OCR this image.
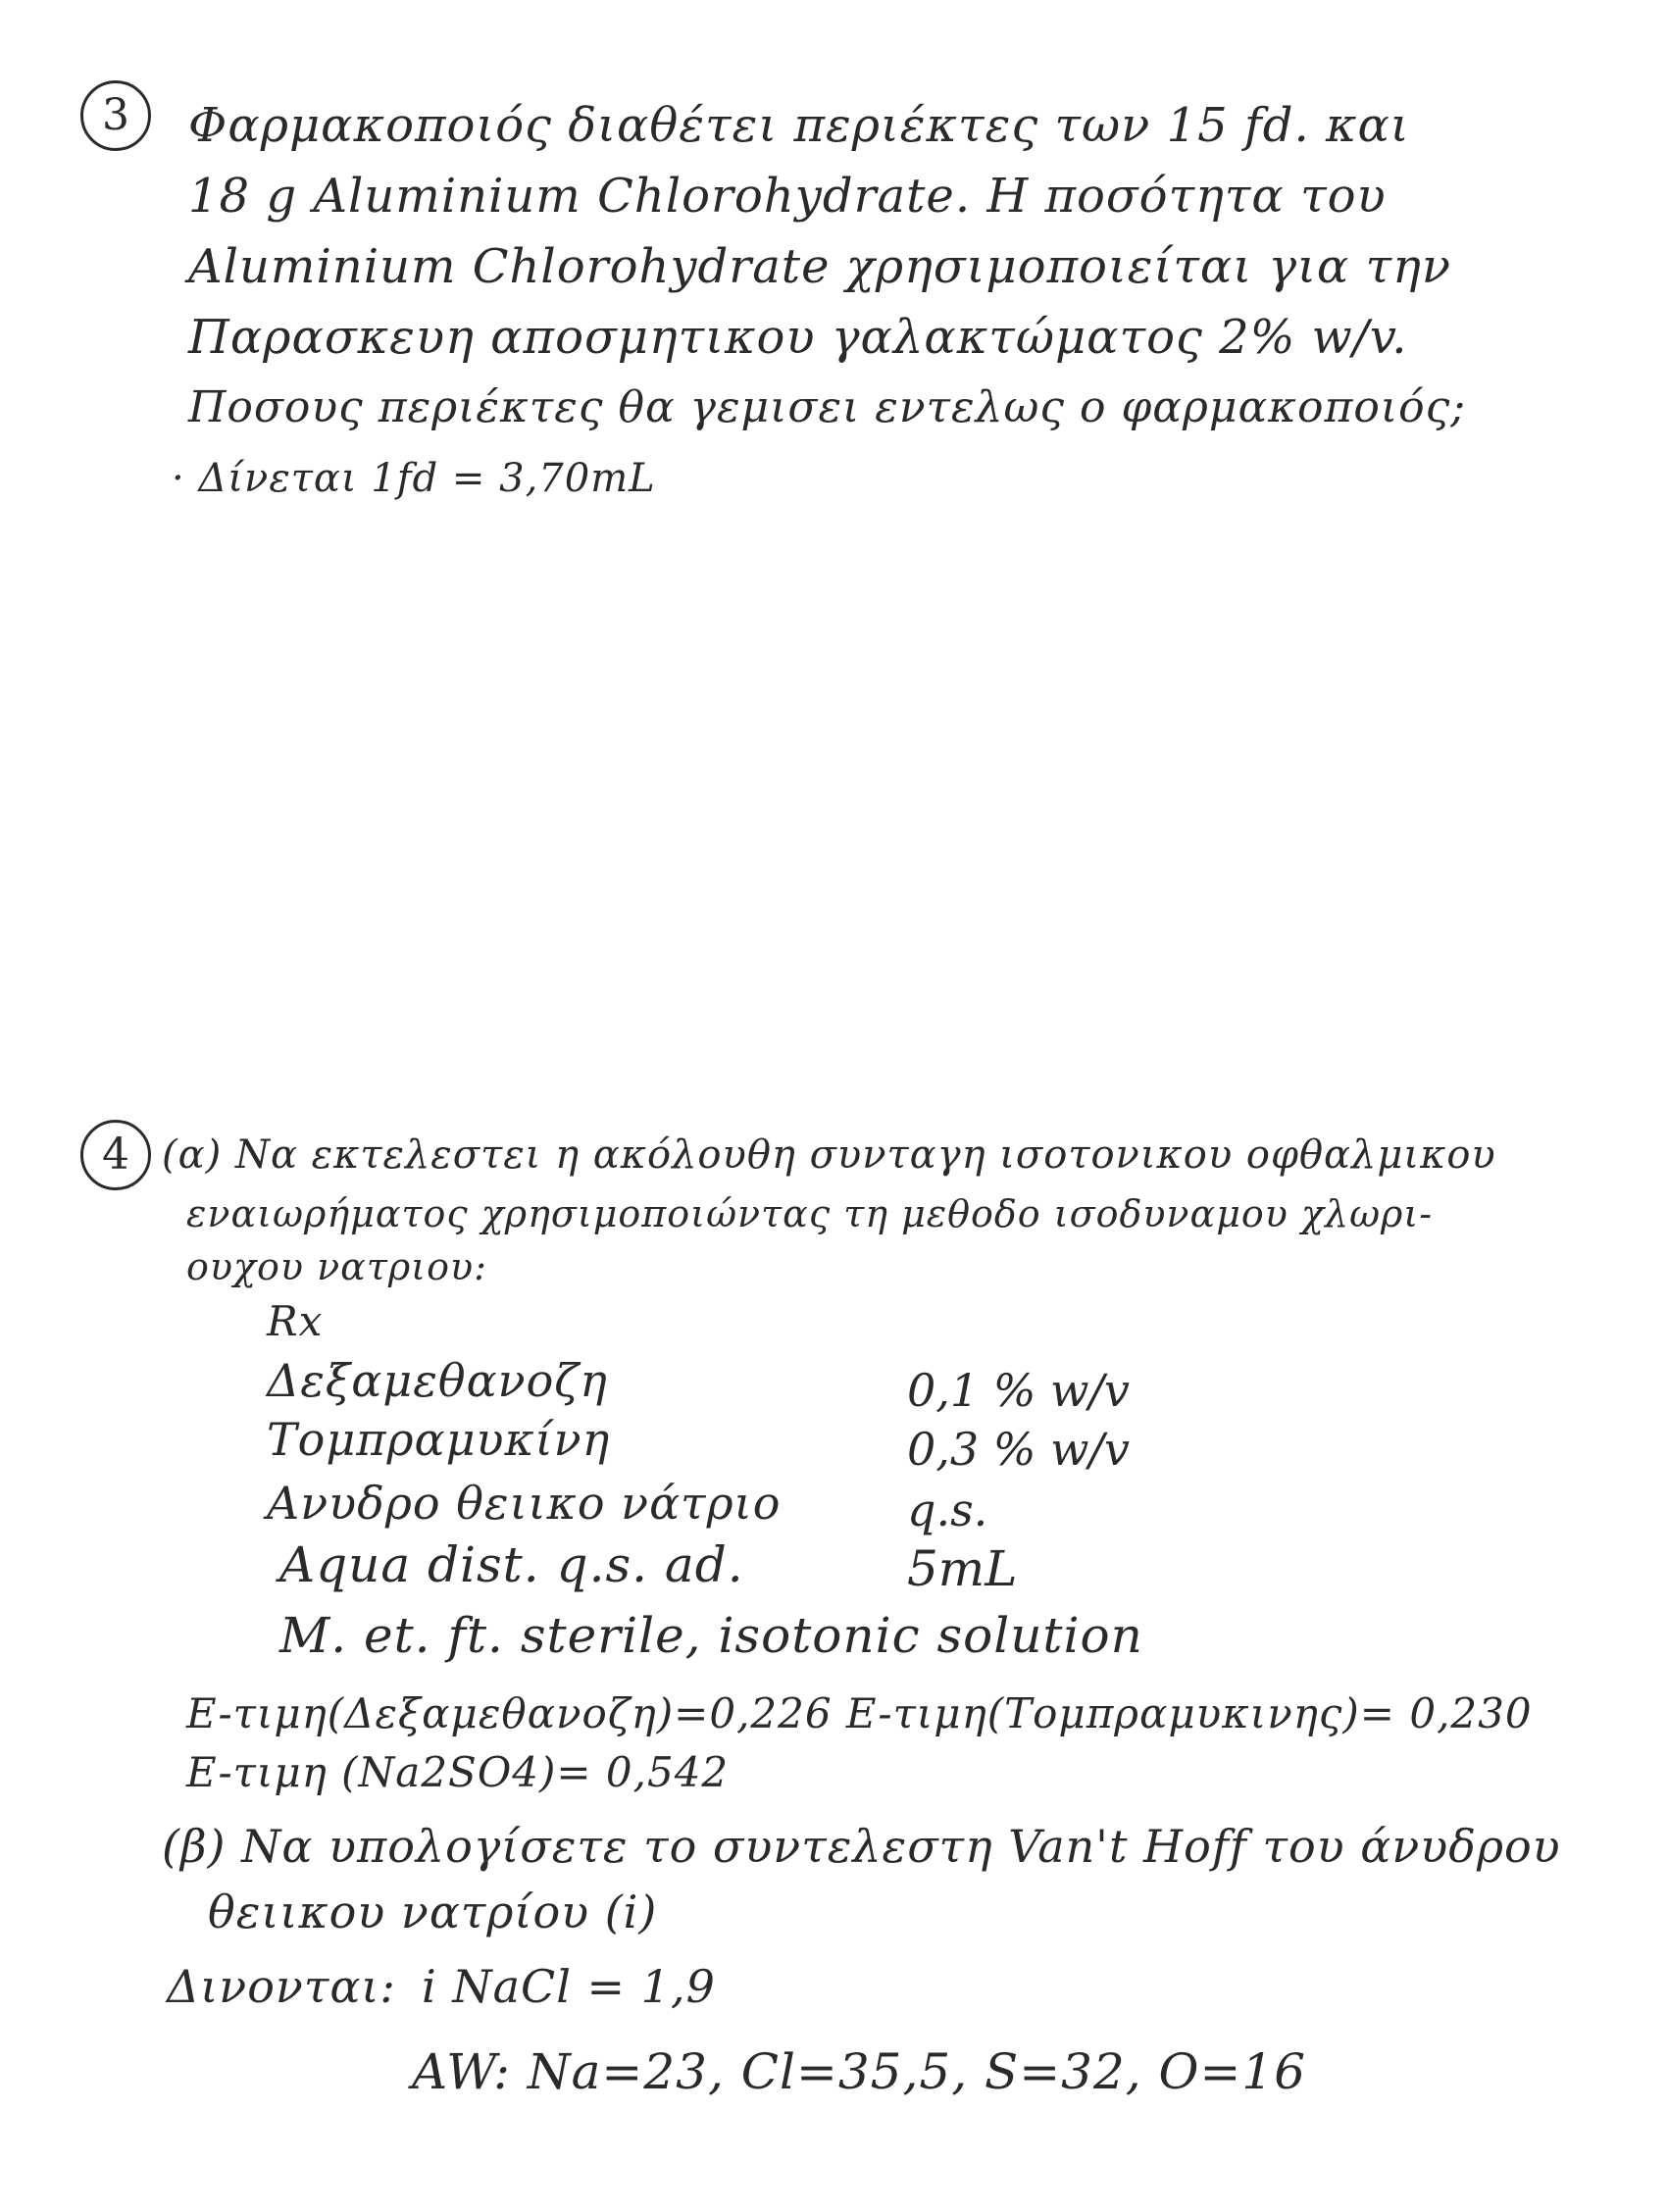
3	Φαρμακοποιός διαθέτει περιέκτες των 15 fd. και
18 g Aluminium Chlorohydrate. Η ποσότητα του
Aluminium Chlorohydrate χρησιμοποιείται για την
Παρασκευη αποσμητικου γαλακτώματος 2% w/v.
Ποσους περιέκτες θα γεμισει εντελως ο φαρμακοποιός;
· Δίνεται 1fd = 3,70mL
4 (α) Να εκτελεστει η ακόλουθη συνταγη ισοτονικου οφθαλμικου
εναιωρήματος χρησιμοποιώντας τη μεθοδο ισοδυναμου χλωρι-
ουχου νατριου:
Rx
Δεξαμεθανοζη	0,1 % w/v
Τομπραμυκίνη	0,3 % w/v
Ανυδρο θειικο νάτριο	q.s.
Aqua dist. q.s. ad.	5mL
M. et. ft. sterile, isotonic solution
E-τιμη(Δεξαμεθανοζη)=0,226 E-τιμη(Τομπραμυκινης)= 0,230
E-τιμη (Na2SO4)= 0,542
(β) Να υπολογίσετε το συντελεστη Van't Hoff του άνυδρου
θειικου νατρίου (i)
Δινονται: i NaCl = 1,9
AW: Na=23, Cl=35,5, S=32, O=16
